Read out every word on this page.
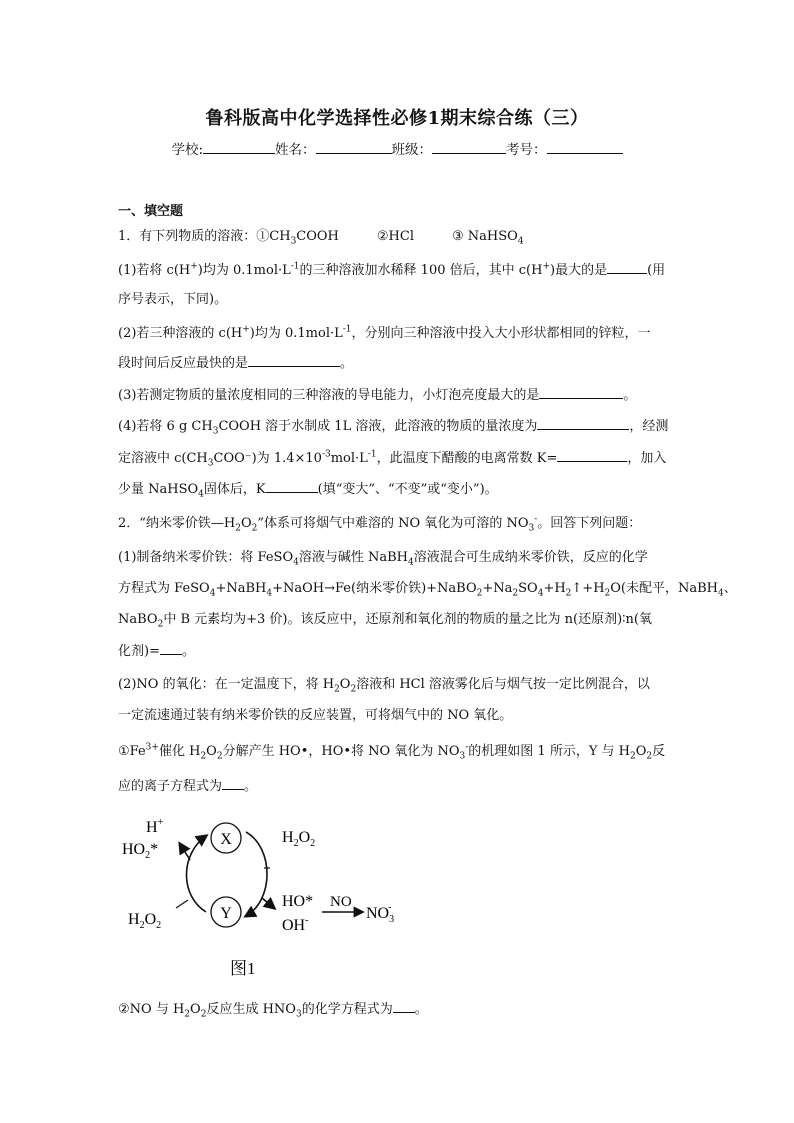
鲁科版高中化学选择性必修1期末综合练（三）
学校:	姓名：	班级：	考号：
一、填空题
1．有下列物质的溶液：$①CH_3COOH$	②HCl	③ NaHSO$_4$
(1)若将 c(H+)均为 $0.1mol\cdot L^{-1}$的三种溶液加水稀释 100 倍后，其中 c(H+)最大的是	(用
序号表示，下同)。
(2)若三种溶液的 c(H+)均为 $0.1mol\cdot L^{-1}$，分别向三种溶液中投入大小形状都相同的锌粒，一
段时间后反应最快的是	。
(3)若测定物质的量浓度相同的三种溶液的导电能力，小灯泡亮度最大的是	。
(4)若将 6 g $CH_3COOH$ 溶于水制成 1L 溶液，此溶液的物质的量浓度为	，经测
定溶液中 $c(CH_3COO^-)$为 $1.4\times 10^{-3}mol\cdot L^{-1}$，此温度下醋酸的电离常数 K=	，加入
少量 NaHSO$_4$固体后，K	(填“变大”、“不变”或“变小”)。
2．“纳米零价铁$—H_2O_2$”体系可将烟气中难溶的 NO 氧化为可溶的 $NO_3^-$。回答下列问题：
(1)制备纳米零价铁：将 FeSO$_4$溶液与碱性 NaBH$_4$溶液混合可生成纳米零价铁，反应的化学
方程式为 FeSO$_4$+NaBH$_4$+NaOH→Fe(纳米零价铁)$+NaBO_2+Na_2SO_4+H_2↑+H_2O$(未配平，NaBH$_4$、
NaBO$_2$中 B 元素均为+3 价)。该反应中，还原剂和氧化剂的物质的量之比为 n(还原剂)∶n(氧
化剂)= 。
(2)NO 的氧化：在一定温度下，将 $H_2O_2$溶液和 HCl 溶液雾化后与烟气按一定比例混合，以
一定流速通过装有纳米零价铁的反应装置，可将烟气中的 NO 氧化。
$①Fe^{3+}$催化 $H_2O_2$分解产生 HO•，HO•将 NO 氧化为 $NO_3^-$的机理如图 1 所示，Y 与 $H_2O_2$反
应的离子方程式为 。
X
Y
H+
$HO_2*$
$H_2O_2$
$H_2O_2$
HO*
OH-
NO
$NO_3-$
图1
②NO 与 $H_2O_2$反应生成 $HNO_3$的化学方程式为 。
